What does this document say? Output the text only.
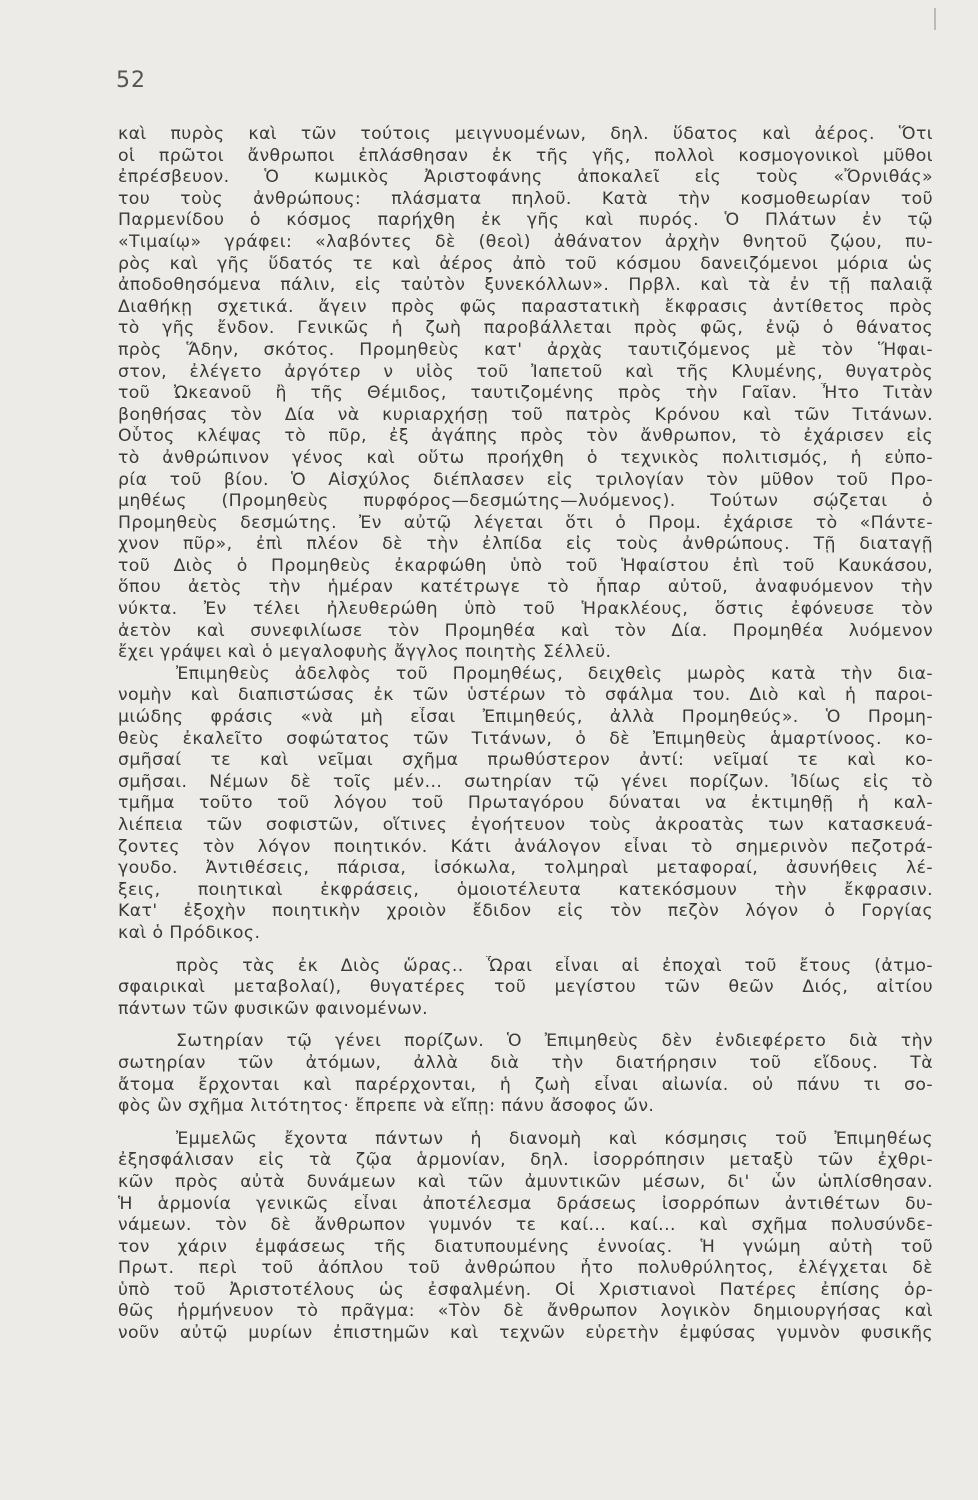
52
καὶ πυρὸς καὶ τῶν τούτοις μειγνυομένων, δηλ. ὕδατος καὶ ἀέρος. Ὅτι
οἱ πρῶτοι ἄνθρωποι ἐπλάσθησαν ἐκ τῆς γῆς, πολλοὶ κοσμογονικοὶ μῦθοι
ἐπρέσβευον. Ὁ κωμικὸς Ἀριστοφάνης ἀποκαλεῖ εἰς τοὺς «Ὄρνιθάς»
του τοὺς ἀνθρώπους: πλάσματα πηλοῦ. Κατὰ τὴν κοσμοθεωρίαν τοῦ
Παρμενίδου ὁ κόσμος παρήχθη ἐκ γῆς καὶ πυρός. Ὁ Πλάτων ἐν τῷ
«Τιμαίῳ» γράφει: «λαβόντες δὲ (θεοὶ) ἀθάνατον ἀρχὴν θνητοῦ ζῴου, πυ-
ρὸς καὶ γῆς ὕδατός τε καὶ ἀέρος ἀπὸ τοῦ κόσμου δανειζόμενοι μόρια ὡς
ἀποδοθησόμενα πάλιν, εἰς ταὐτὸν ξυνεκόλλων». Πρβλ. καὶ τὰ ἐν τῇ παλαιᾷ
Διαθήκῃ σχετικά. ἄγειν πρὸς φῶς παραστατικὴ ἔκφρασις ἀντίθετος πρὸς
τὸ γῆς ἔνδον. Γενικῶς ἡ ζωὴ παροβάλλεται πρὸς φῶς, ἐνῷ ὁ θάνατος
πρὸς Ἅδην, σκότος. Προμηθεὺς κατ' ἀρχὰς ταυτιζόμενος μὲ τὸν Ἥφαι-
στον, ἐλέγετο ἀργότερ ν υἱὸς τοῦ Ἰαπετοῦ καὶ τῆς Κλυμένης, θυγατρὸς
τοῦ Ὠκεανοῦ ἢ τῆς Θέμιδος, ταυτιζομένης πρὸς τὴν Γαῖαν. Ἦτο Τιτὰν
βοηθήσας τὸν Δία νὰ κυριαρχήσῃ τοῦ πατρὸς Κρόνου καὶ τῶν Τιτάνων.
Οὗτος κλέψας τὸ πῦρ, ἐξ ἀγάπης πρὸς τὸν ἄνθρωπον, τὸ ἐχάρισεν εἰς
τὸ ἀνθρώπινον γένος καὶ οὕτω προήχθη ὁ τεχνικὸς πολιτισμός, ἡ εὐπο-
ρία τοῦ βίου. Ὁ Αἰσχύλος διέπλασεν εἰς τριλογίαν τὸν μῦθον τοῦ Προ-
μηθέως (Προμηθεὺς πυρφόρος—δεσμώτης—λυόμενος). Τούτων σῴζεται ὁ
Προμηθεὺς δεσμώτης. Ἐν αὐτῷ λέγεται ὅτι ὁ Προμ. ἐχάρισε τὸ «Πάντε-
χνον πῦρ», ἐπὶ πλέον δὲ τὴν ἐλπίδα εἰς τοὺς ἀνθρώπους. Τῇ διαταγῇ
τοῦ Διὸς ὁ Προμηθεὺς ἐκαρφώθη ὑπὸ τοῦ Ἡφαίστου ἐπὶ τοῦ Καυκάσου,
ὅπου ἀετὸς τὴν ἡμέραν κατέτρωγε τὸ ἧπαρ αὐτοῦ, ἀναφυόμενον τὴν
νύκτα. Ἐν τέλει ἠλευθερώθη ὑπὸ τοῦ Ἡρακλέους, ὅστις ἐφόνευσε τὸν
ἀετὸν καὶ συνεφιλίωσε τὸν Προμηθέα καὶ τὸν Δία. Προμηθέα λυόμενον
ἔχει γράψει καὶ ὁ μεγαλοφυὴς ἄγγλος ποιητὴς Σέλλεϋ.
Ἐπιμηθεὺς ἀδελφὸς τοῦ Προμηθέως, δειχθεὶς μωρὸς κατὰ τὴν δια-
νομὴν καὶ διαπιστώσας ἐκ τῶν ὑστέρων τὸ σφάλμα του. Διὸ καὶ ἡ παροι-
μιώδης φράσις «νὰ μὴ εἶσαι Ἐπιμηθεύς, ἀλλὰ Προμηθεύς». Ὁ Προμη-
θεὺς ἐκαλεῖτο σοφώτατος τῶν Τιτάνων, ὁ δὲ Ἐπιμηθεὺς ἁμαρτίνοος. κο-
σμῆσαί τε καὶ νεῖμαι σχῆμα πρωθύστερον ἀντί: νεῖμαί τε καὶ κο-
σμῆσαι. Νέμων δὲ τοῖς μέν... σωτηρίαν τῷ γένει πορίζων. Ἰδίως εἰς τὸ
τμῆμα τοῦτο τοῦ λόγου τοῦ Πρωταγόρου δύναται να ἐκτιμηθῇ ἡ καλ-
λιέπεια τῶν σοφιστῶν, οἵτινες ἐγοήτευον τοὺς ἀκροατὰς των κατασκευά-
ζοντες τὸν λόγον ποιητικόν. Κάτι ἀνάλογον εἶναι τὸ σημερινὸν πεζοτρά-
γουδο. Ἀντιθέσεις, πάρισα, ἰσόκωλα, τολμηραὶ μεταφοραί, ἀσυνήθεις λέ-
ξεις, ποιητικαὶ ἐκφράσεις, ὁμοιοτέλευτα κατεκόσμουν τὴν ἔκφρασιν.
Κατ' ἐξοχὴν ποιητικὴν χροιὸν ἔδιδον εἰς τὸν πεζὸν λόγον ὁ Γοργίας
καὶ ὁ Πρόδικος.
πρὸς τὰς ἐκ Διὸς ὥρας.. Ὧραι εἶναι αἱ ἐποχαὶ τοῦ ἔτους (ἀτμο-
σφαιρικαὶ μεταβολαί), θυγατέρες τοῦ μεγίστου τῶν θεῶν Διός, αἰτίου
πάντων τῶν φυσικῶν φαινομένων.
Σωτηρίαν τῷ γένει πορίζων. Ὁ Ἐπιμηθεὺς δὲν ἐνδιεφέρετο διὰ τὴν
σωτηρίαν τῶν ἀτόμων, ἀλλὰ διὰ τὴν διατήρησιν τοῦ εἴδους. Τὰ
ἄτομα ἔρχονται καὶ παρέρχονται, ἡ ζωὴ εἶναι αἰωνία. οὐ πάνυ τι σο-
φὸς ὢν σχῆμα λιτότητος· ἔπρεπε νὰ εἴπῃ: πάνυ ἄσοφος ὤν.
Ἐμμελῶς ἔχοντα πάντων ἡ διανομὴ καὶ κόσμησις τοῦ Ἐπιμηθέως
ἐξησφάλισαν εἰς τὰ ζῷα ἁρμονίαν, δηλ. ἰσορρόπησιν μεταξὺ τῶν ἐχθρι-
κῶν πρὸς αὐτὰ δυνάμεων καὶ τῶν ἀμυντικῶν μέσων, δι' ὧν ὡπλίσθησαν.
Ἡ ἁρμονία γενικῶς εἶναι ἀποτέλεσμα δράσεως ἰσορρόπων ἀντιθέτων δυ-
νάμεων. τὸν δὲ ἄνθρωπον γυμνόν τε καί... καί... καὶ σχῆμα πολυσύνδε-
τον χάριν ἐμφάσεως τῆς διατυπουμένης ἐννοίας. Ἡ γνώμη αὐτὴ τοῦ
Πρωτ. περὶ τοῦ ἀόπλου τοῦ ἀνθρώπου ἦτο πολυθρύλητος, ἐλέγχεται δὲ
ὑπὸ τοῦ Ἀριστοτέλους ὡς ἐσφαλμένη. Οἱ Χριστιανοὶ Πατέρες ἐπίσης ὀρ-
θῶς ἡρμήνευον τὸ πρᾶγμα: «Τὸν δὲ ἄνθρωπον λογικὸν δημιουργήσας καὶ
νοῦν αὐτῷ μυρίων ἐπιστημῶν καὶ τεχνῶν εὑρετὴν ἐμφύσας γυμνὸν φυσικῆς
